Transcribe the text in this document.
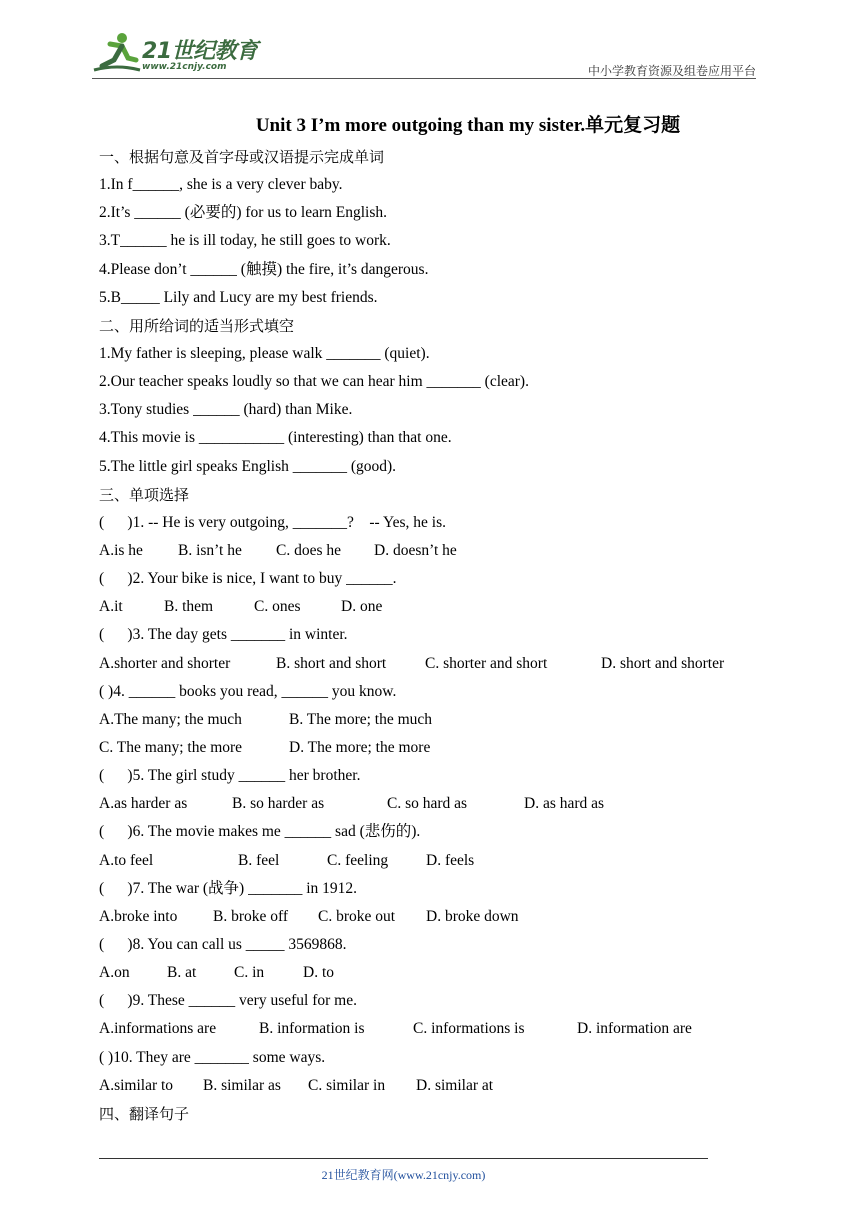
21世纪教育
www.21cnjy.com	中小学教育资源及组卷应用平台
Unit 3 I’m more outgoing than my sister.单元复习题
一、根据句意及首字母或汉语提示完成单词
1.In f______, she is a very clever baby.
2.It’s ______ (必要的) for us to learn English.
3.T______ he is ill today, he still goes to work.
4.Please don’t ______ (触摸) the fire, it’s dangerous.
5.B_____ Lily and Lucy are my best friends.
二、用所给词的适当形式填空
1.My father is sleeping, please walk _______ (quiet).
2.Our teacher speaks loudly so that we can hear him _______ (clear).
3.Tony studies ______ (hard) than Mike.
4.This movie is ___________ (interesting) than that one.
5.The little girl speaks English _______ (good).
三、单项选择
(      )1. -- He is very outgoing, _______?    -- Yes, he is.
A.is he	B. isn’t he	C. does he	D. doesn’t he
(      )2. Your bike is nice, I want to buy ______.
A.it	B. them	C. ones	D. one
(      )3. The day gets _______ in winter.
A.shorter and shorter	B. short and short	C. shorter and short	D. short and shorter
( )4. ______ books you read, ______ you know.
A.The many; the much	B. The more; the much
C. The many; the more	D. The more; the more
(      )5. The girl study ______ her brother.
A.as harder as	B. so harder as	C. so hard as	D. as hard as
(      )6. The movie makes me ______ sad (悲伤的).
A.to feel	B. feel	C. feeling	D. feels
(      )7. The war (战争) _______ in 1912.
A.broke into	B. broke off	C. broke out	D. broke down
(      )8. You can call us _____ 3569868.
A.on	B. at	C. in	D. to
(      )9. These ______ very useful for me.
A.informations are	B. information is	C. informations is	D. information are
( )10. They are _______ some ways.
A.similar to	B. similar as	C. similar in	D. similar at
四、翻译句子
21世纪教育网(www.21cnjy.com)
